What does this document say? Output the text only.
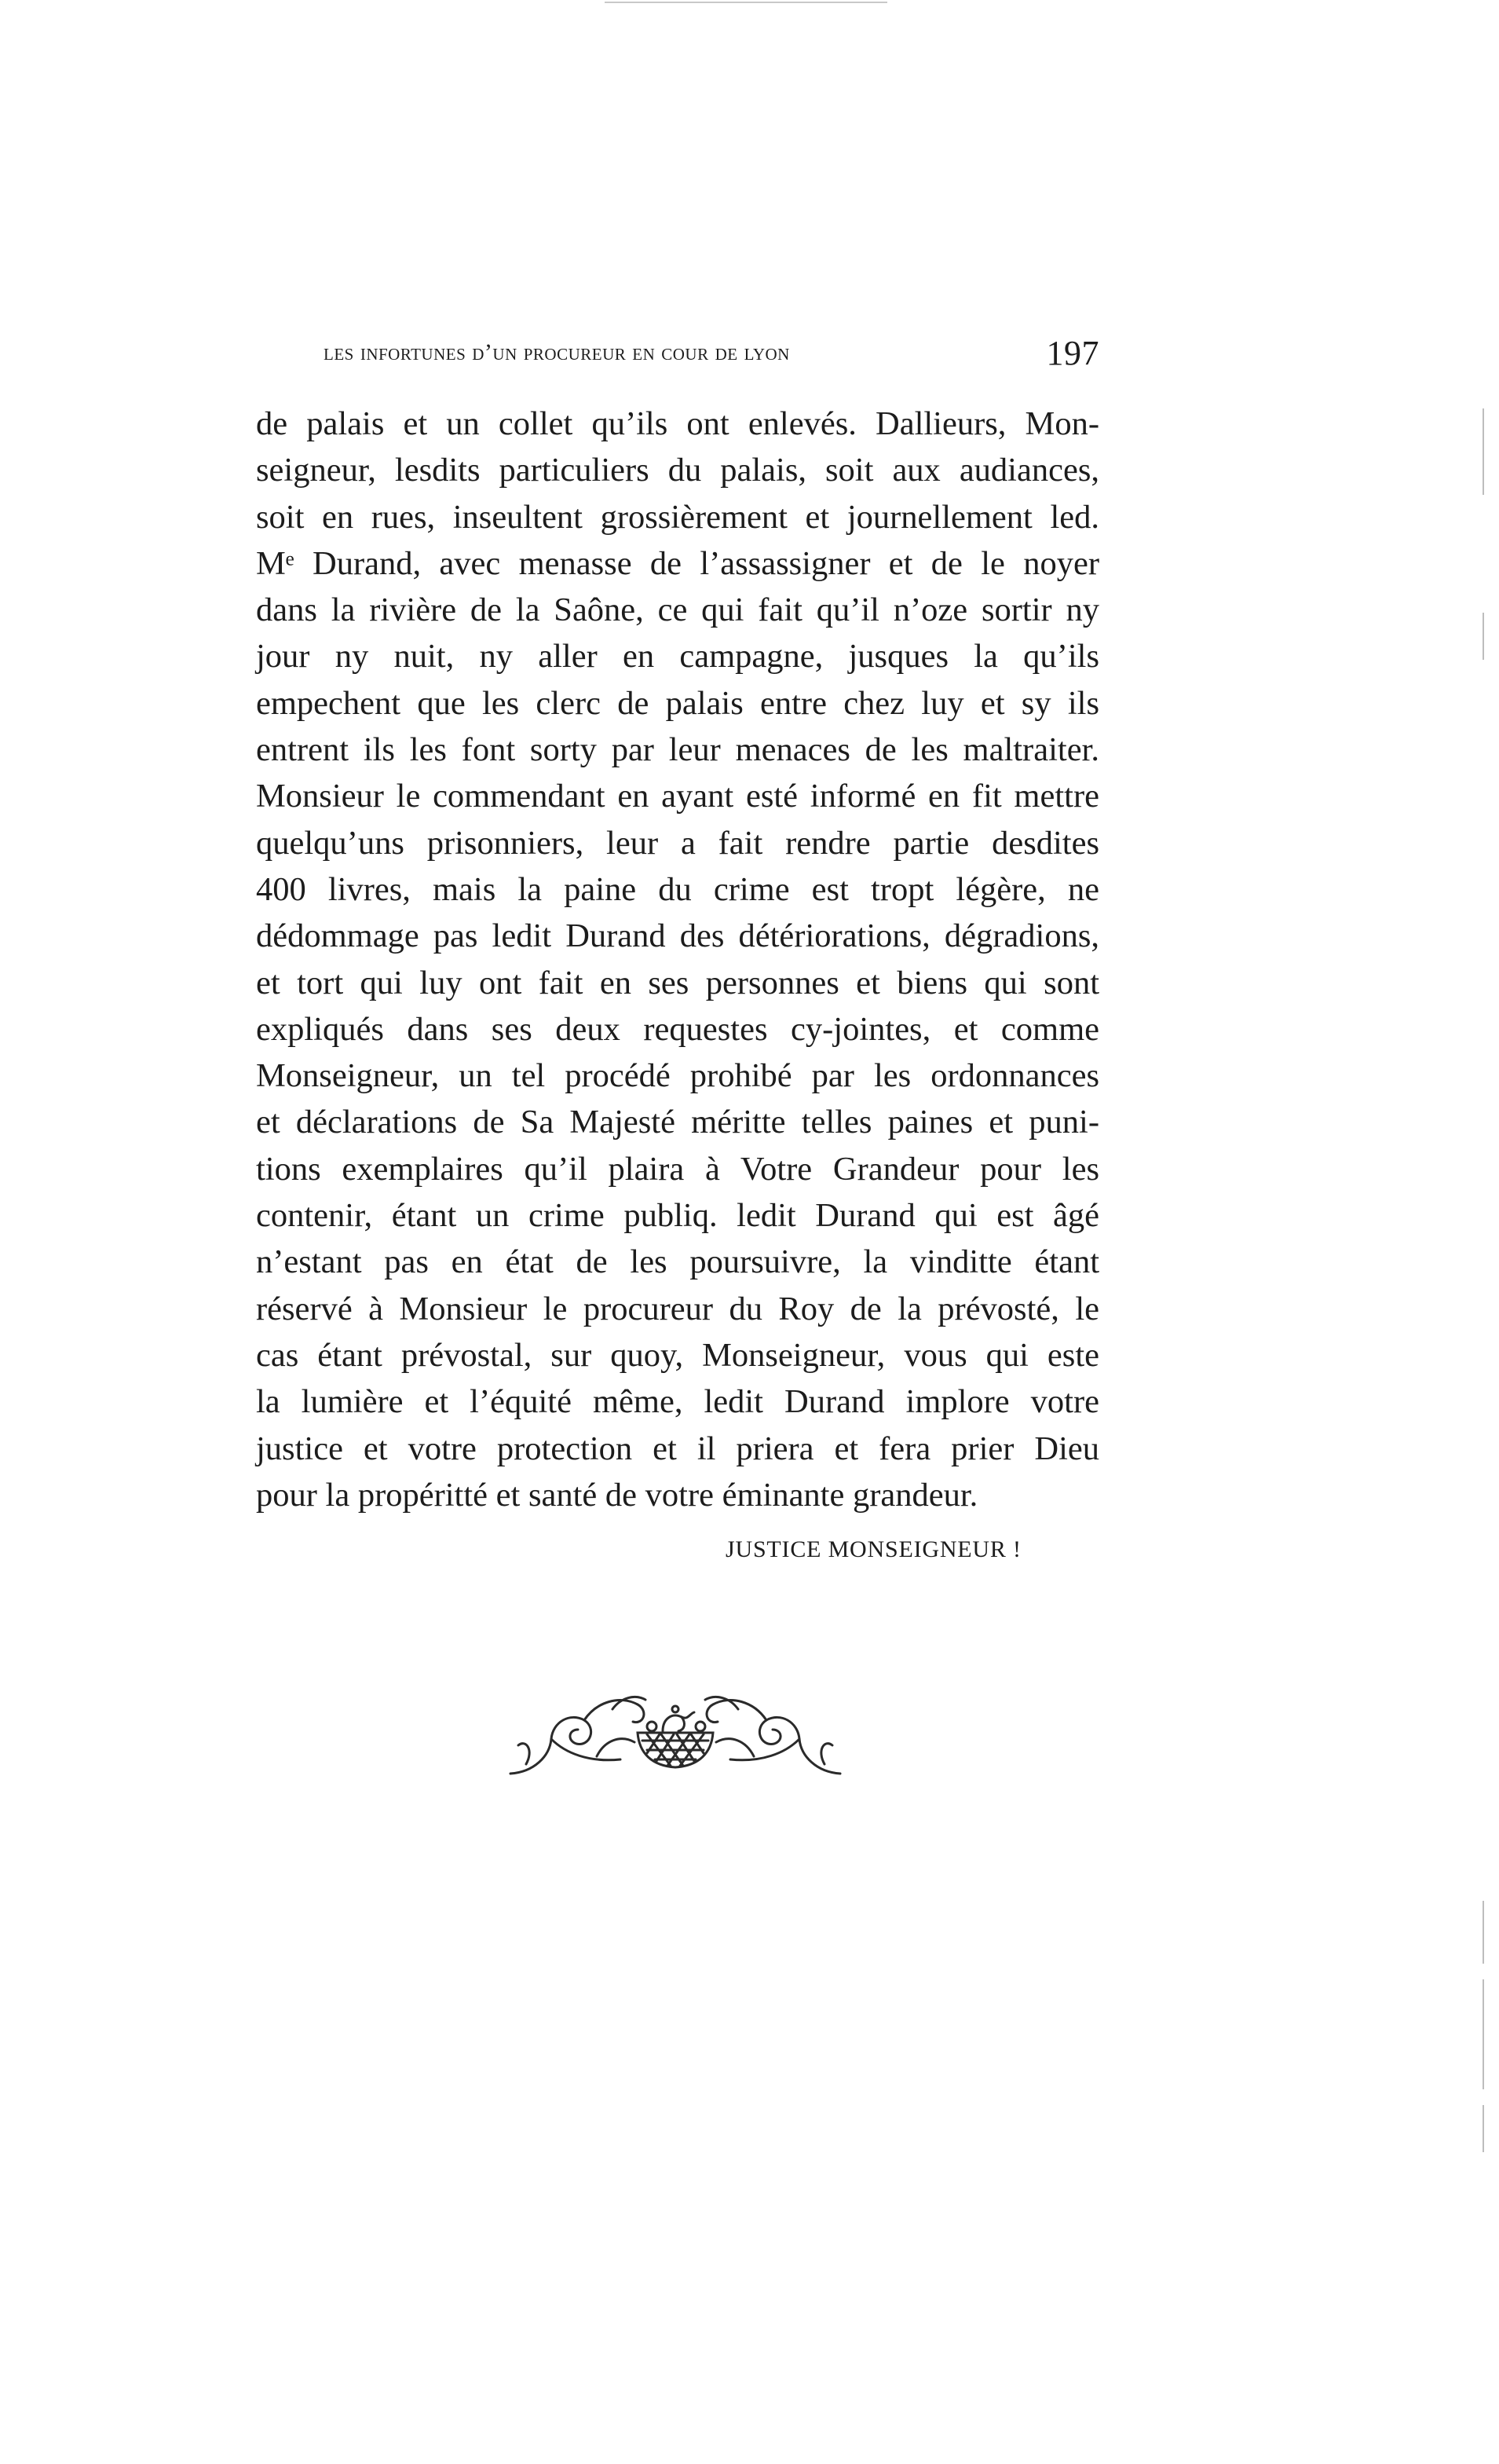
les infortunes d’un procureur en cour de lyon	197
de palais et un collet qu’ils ont enlevés. Dallieurs, Mon-
seigneur, lesdits particuliers du palais, soit aux audiances,
soit en rues, inseultent grossièrement et journellement led.
Mᵉ Durand, avec menasse de l’assassigner et de le noyer
dans la rivière de la Saône, ce qui fait qu’il n’oze sortir ny
jour ny nuit, ny aller en campagne, jusques la qu’ils
empechent que les clerc de palais entre chez luy et sy ils
entrent ils les font sorty par leur menaces de les maltraiter.
Monsieur le commendant en ayant esté informé en fit mettre
quelqu’uns prisonniers, leur a fait rendre partie desdites
400 livres, mais la paine du crime est tropt légère, ne
dédommage pas ledit Durand des détériorations, dégradions,
et tort qui luy ont fait en ses personnes et biens qui sont
expliqués dans ses deux requestes cy-jointes, et comme
Monseigneur, un tel procédé prohibé par les ordonnances
et déclarations de Sa Majesté méritte telles paines et puni-
tions exemplaires qu’il plaira à Votre Grandeur pour les
contenir, étant un crime publiq. ledit Durand qui est âgé
n’estant pas en état de les poursuivre, la vinditte étant
réservé à Monsieur le procureur du Roy de la prévosté, le
cas étant prévostal, sur quoy, Monseigneur, vous qui este
la lumière et l’équité même, ledit Durand implore votre
justice et votre protection et il priera et fera prier Dieu
pour la propéritté et santé de votre éminante grandeur.
JUSTICE MONSEIGNEUR !
